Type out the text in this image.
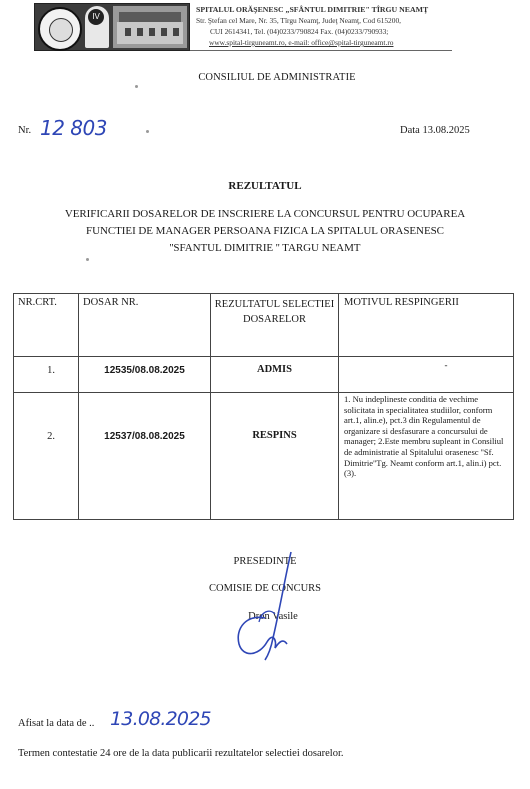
IV
SPITALUL ORĂŞENESC „SFÂNTUL DIMITRIE" TÎRGU NEAMŢ
Str. Ştefan cel Mare, Nr. 35, Tîrgu Neamţ, Judeţ Neamţ, Cod 615200,
CUI 2614341, Tel. (04)0233/790824 Fax. (04)0233/790933;
www.spital-tirguneamt.ro, e-mail: office@spital-tirguneamt.ro
CONSILIUL DE ADMINISTRATIE
Nr. 12 803	Data 13.08.2025
REZULTATUL
VERIFICARII DOSARELOR DE INSCRIERE LA CONCURSUL PENTRU OCUPAREA
FUNCTIEI DE MANAGER PERSOANA FIZICA LA SPITALUL ORASENESC
''SFANTUL DIMITRIE '' TARGU NEAMT
NR.CRT.	DOSAR NR.	REZULTATUL SELECTIEI DOSARELOR	MOTIVUL RESPINGERII
1.	12535/08.08.2025	ADMIS	-
2.	12537/08.08.2025	RESPINS	1. Nu indeplineste conditia de vechime solicitata in specialitatea studiilor, conform art.1, alin.e), pct.3 din Regulamentul de organizare si desfasurare a concursului de manager; 2.Este membru supleant in Consiliul de administratie al Spitalului orasenesc ''Sf. Dimitrie''Tg. Neamt conform art.1, alin.i) pct.(3).
PRESEDINTE
COMISIE DE CONCURS
Dron Vasile
Afisat la data de .. 13.08.2025
Termen contestatie 24 ore de la data publicarii rezultatelor selectiei dosarelor.
